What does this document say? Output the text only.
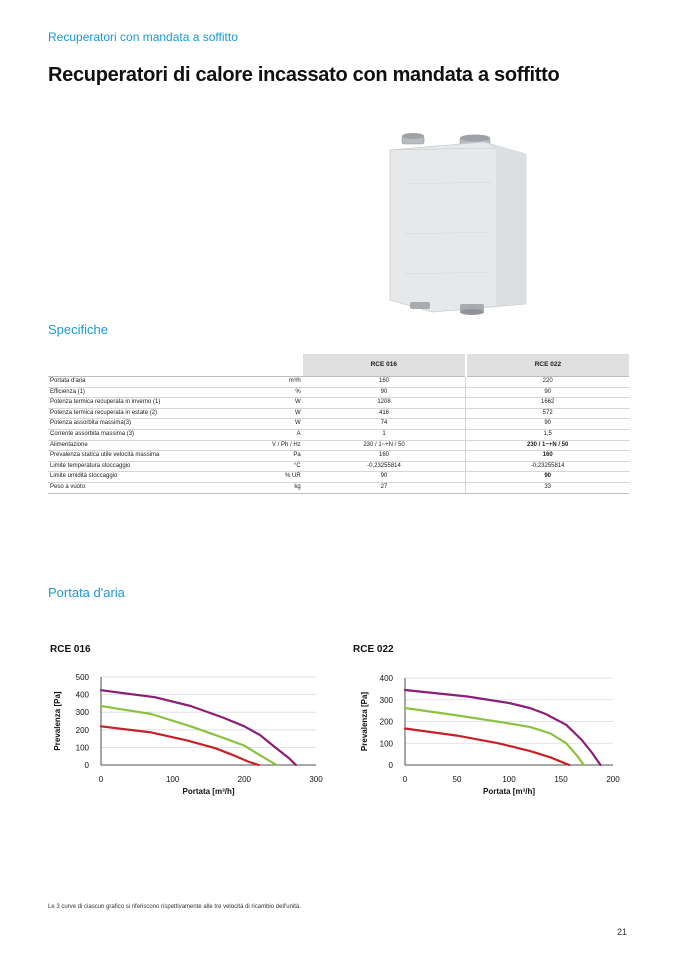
Recuperatori con mandata a soffitto
Recuperatori di calore incassato con mandata a soffitto
Specifiche
		RCE 016	RCE 022
Portata d'aria	m³/h	160	220
Efficienza (1)	%	90	90
Potenza termica recuperata in inverno (1)	W	1208	1662
Potenza termica recuperata in estate (2)	W	416	572
Potenza assorbita massima(3)	W	74	90
Corrente assorbita massima (3)	A	1	1,5
Alimentazione	V / Ph / Hz	230 / 1~+N / 50	230 / 1~+N / 50
Prevalenza statica utile velocità massima	Pa	160	160
Limite temperatura stoccaggio	°C	-0,23255814	-0,23255814
Limite umidità stoccaggio	% UR	90	90
Peso a vuoto	kg	27	33
Portata d'aria
RCE 016
0
100
200
300
400
500
0	100	200	300
Portata [m³/h]
Prevalenza [Pa]
RCE 022
0
100
200
300
400
0	50	100	150	200
Portata [m³/h]
Prevalenza [Pa]
Le 3 curve di ciascun grafico si riferiscono rispettivamente alle tre velocità di ricambio dell'unità.
21
